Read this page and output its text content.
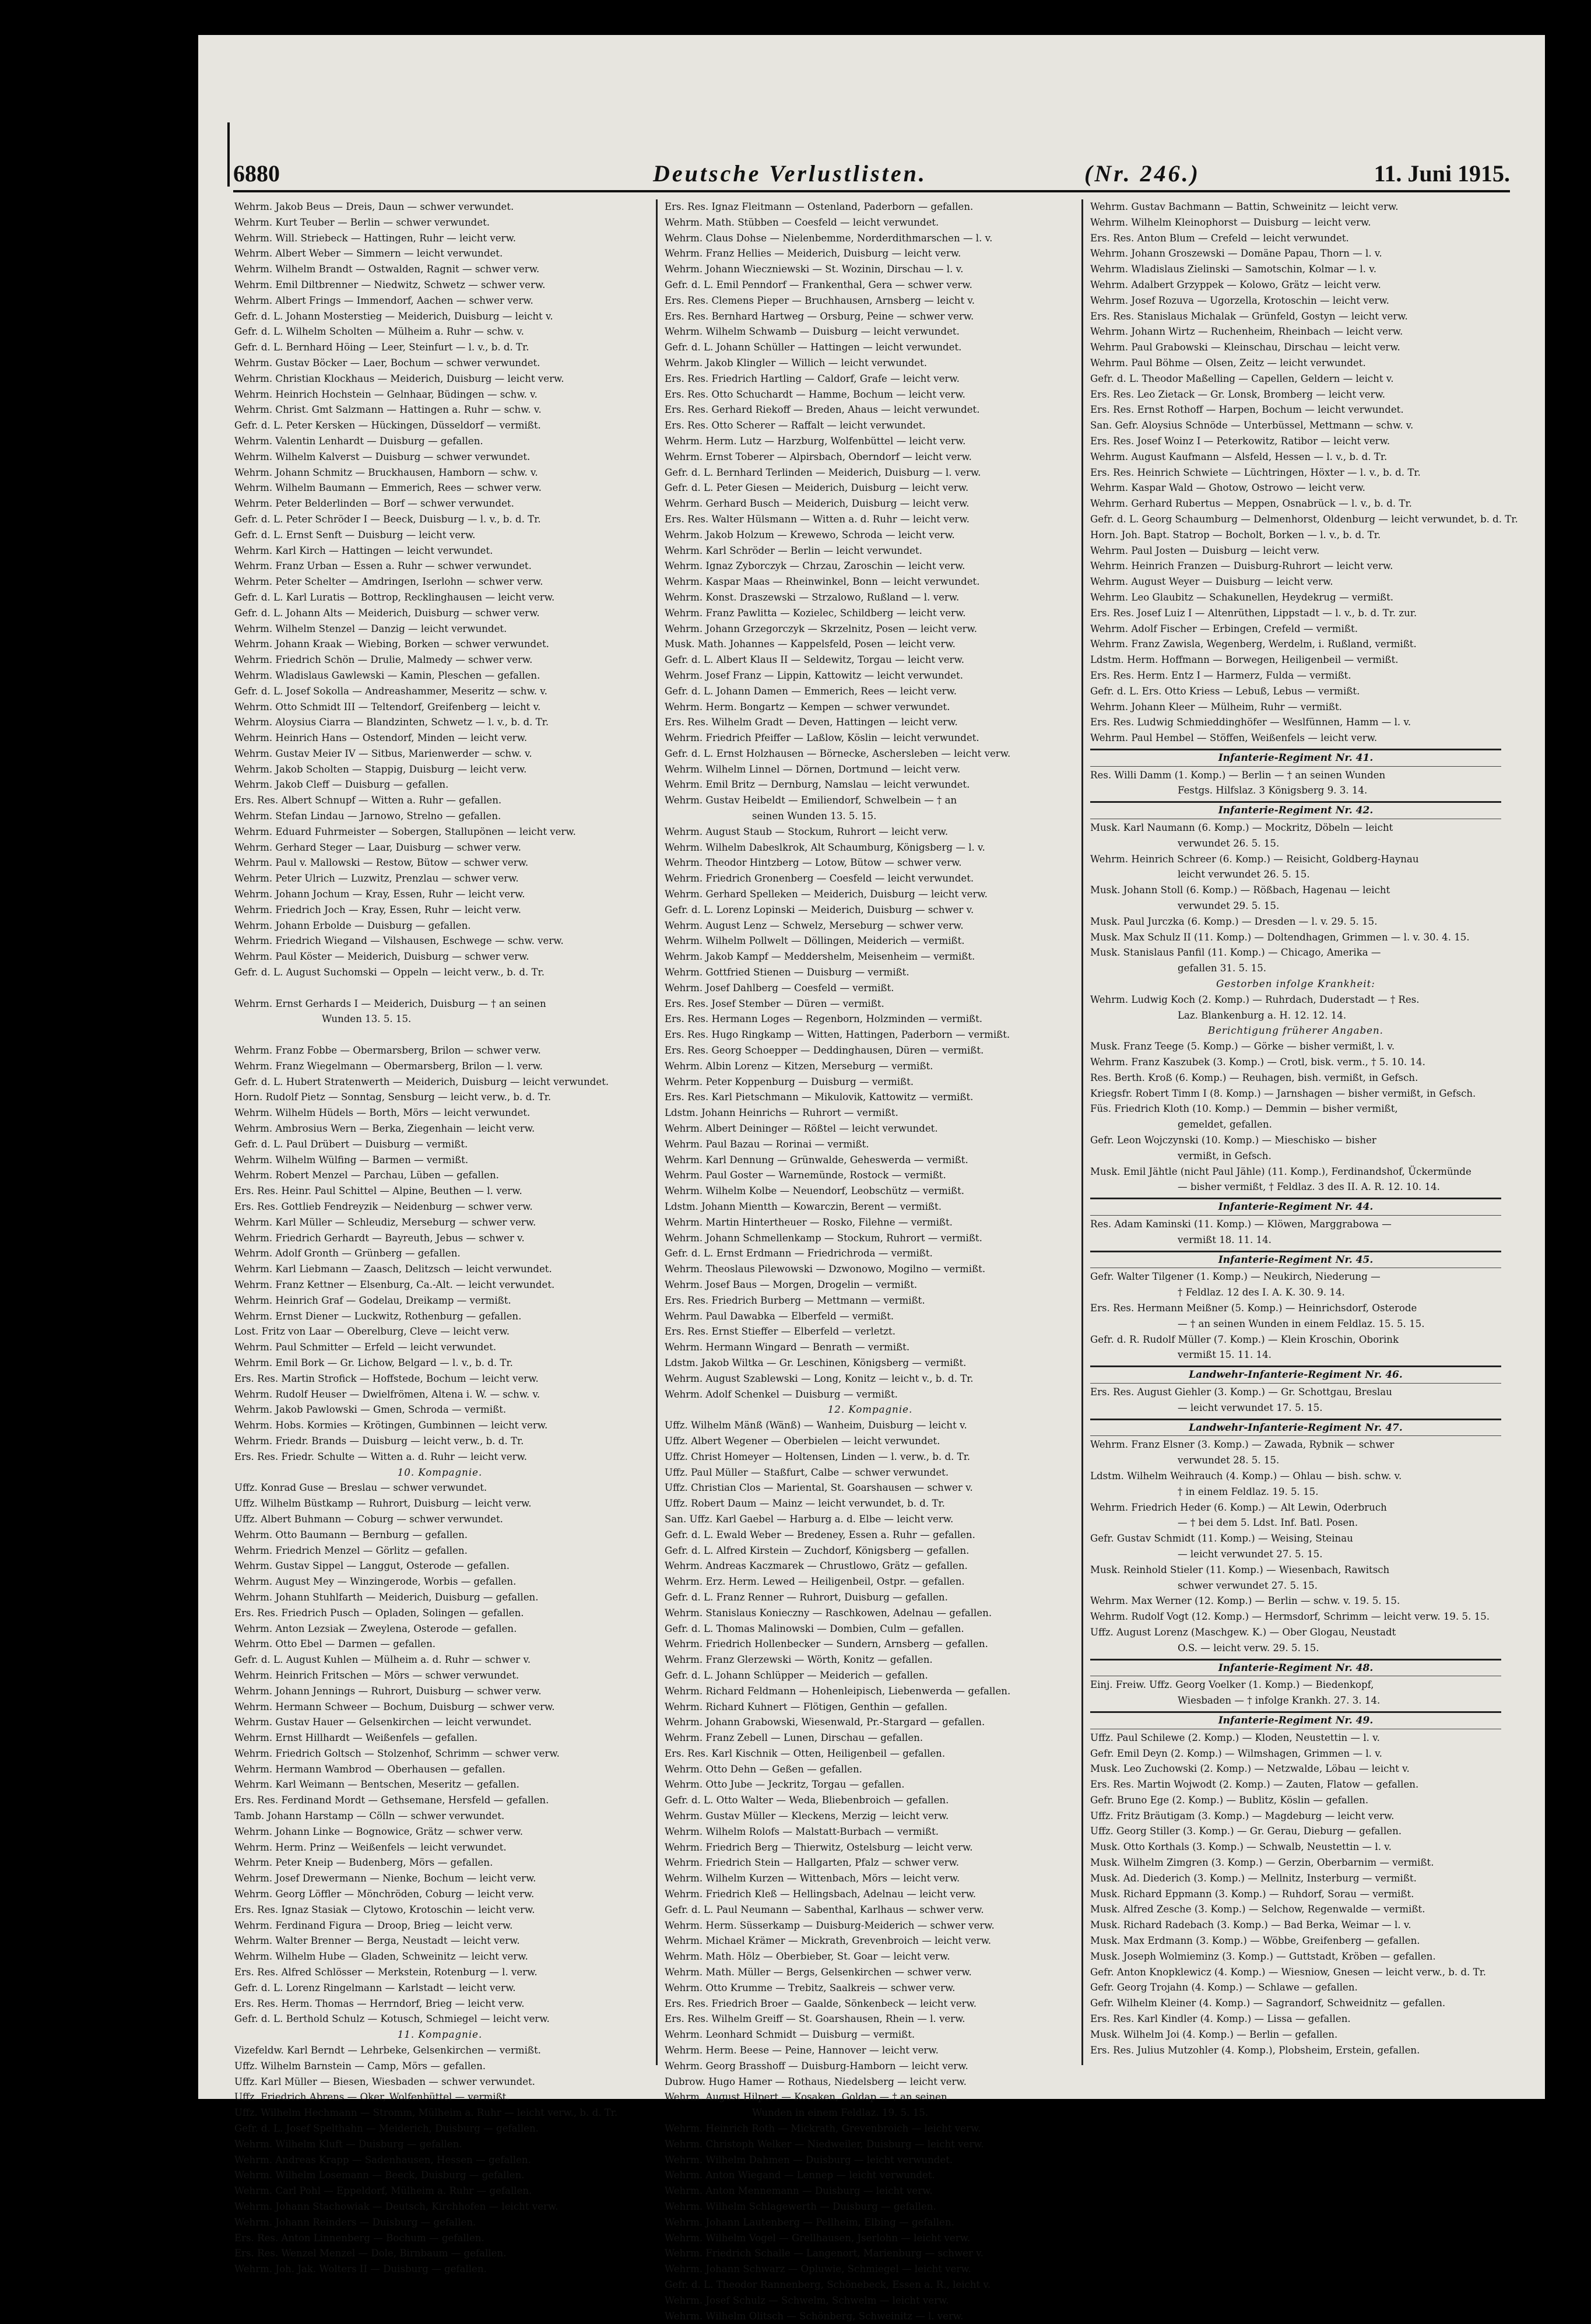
6880	Deutsche Verlustlisten.	(Nr. 246.)	11. Juni 1915.
Wehrm. Jakob Beus — Dreis, Daun — schwer verwundet.
Wehrm. Kurt Teuber — Berlin — schwer verwundet.
Wehrm. Will. Striebeck — Hattingen, Ruhr — leicht verw.
Wehrm. Albert Weber — Simmern — leicht verwundet.
Wehrm. Wilhelm Brandt — Ostwalden, Ragnit — schwer verw.
Wehrm. Emil Diltbrenner — Niedwitz, Schwetz — schwer verw.
Wehrm. Albert Frings — Immendorf, Aachen — schwer verw.
Gefr. d. L. Johann Mosterstieg — Meiderich, Duisburg — leicht v.
Gefr. d. L. Wilhelm Scholten — Mülheim a. Ruhr — schw. v.
Gefr. d. L. Bernhard Höing — Leer, Steinfurt — l. v., b. d. Tr.
Wehrm. Gustav Böcker — Laer, Bochum — schwer verwundet.
Wehrm. Christian Klockhaus — Meiderich, Duisburg — leicht verw.
Wehrm. Heinrich Hochstein — Gelnhaar, Büdingen — schw. v.
Wehrm. Christ. Gmt Salzmann — Hattingen a. Ruhr — schw. v.
Gefr. d. L. Peter Kersken — Hückingen, Düsseldorf — vermißt.
Wehrm. Valentin Lenhardt — Duisburg — gefallen.
Wehrm. Wilhelm Kalverst — Duisburg — schwer verwundet.
Wehrm. Johann Schmitz — Bruckhausen, Hamborn — schw. v.
Wehrm. Wilhelm Baumann — Emmerich, Rees — schwer verw.
Wehrm. Peter Belderlinden — Borf — schwer verwundet.
Gefr. d. L. Peter Schröder I — Beeck, Duisburg — l. v., b. d. Tr.
Gefr. d. L. Ernst Senft — Duisburg — leicht verw.
Wehrm. Karl Kirch — Hattingen — leicht verwundet.
Wehrm. Franz Urban — Essen a. Ruhr — schwer verwundet.
Wehrm. Peter Schelter — Amdringen, Iserlohn — schwer verw.
Gefr. d. L. Karl Luratis — Bottrop, Recklinghausen — leicht verw.
Gefr. d. L. Johann Alts — Meiderich, Duisburg — schwer verw.
Wehrm. Wilhelm Stenzel — Danzig — leicht verwundet.
Wehrm. Johann Kraak — Wiebing, Borken — schwer verwundet.
Wehrm. Friedrich Schön — Drulie, Malmedy — schwer verw.
Wehrm. Wladislaus Gawlewski — Kamin, Pleschen — gefallen.
Gefr. d. L. Josef Sokolla — Andreashammer, Meseritz — schw. v.
Wehrm. Otto Schmidt III — Teltendorf, Greifenberg — leicht v.
Wehrm. Aloysius Ciarra — Blandzinten, Schwetz — l. v., b. d. Tr.
Wehrm. Heinrich Hans — Ostendorf, Minden — leicht verw.
Wehrm. Gustav Meier IV — Sitbus, Marienwerder — schw. v.
Wehrm. Jakob Scholten — Stappig, Duisburg — leicht verw.
Wehrm. Jakob Cleff — Duisburg — gefallen.
Ers. Res. Albert Schnupf — Witten a. Ruhr — gefallen.
Wehrm. Stefan Lindau — Jarnowo, Strelno — gefallen.
Wehrm. Eduard Fuhrmeister — Sobergen, Stallupönen — leicht verw.
Wehrm. Gerhard Steger — Laar, Duisburg — schwer verw.
Wehrm. Paul v. Mallowski — Restow, Bütow — schwer verw.
Wehrm. Peter Ulrich — Luzwitz, Prenzlau — schwer verw.
Wehrm. Johann Jochum — Kray, Essen, Ruhr — leicht verw.
Wehrm. Friedrich Joch — Kray, Essen, Ruhr — leicht verw.
Wehrm. Johann Erbolde — Duisburg — gefallen.
Wehrm. Friedrich Wiegand — Vilshausen, Eschwege — schw. verw.
Wehrm. Paul Köster — Meiderich, Duisburg — schwer verw.
Gefr. d. L. August Suchomski — Oppeln — leicht verw., b. d. Tr.

Wehrm. Ernst Gerhards I — Meiderich, Duisburg — † an seinen
Wunden 13. 5. 15.

Wehrm. Franz Fobbe — Obermarsberg, Brilon — schwer verw.
Wehrm. Franz Wiegelmann — Obermarsberg, Brilon — l. verw.
Gefr. d. L. Hubert Stratenwerth — Meiderich, Duisburg — leicht verwundet.
Horn. Rudolf Pietz — Sonntag, Sensburg — leicht verw., b. d. Tr.
Wehrm. Wilhelm Hüdels — Borth, Mörs — leicht verwundet.
Wehrm. Ambrosius Wern — Berka, Ziegenhain — leicht verw.
Gefr. d. L. Paul Drübert — Duisburg — vermißt.
Wehrm. Wilhelm Wülfing — Barmen — vermißt.
Wehrm. Robert Menzel — Parchau, Lüben — gefallen.
Ers. Res. Heinr. Paul Schittel — Alpine, Beuthen — l. verw.
Ers. Res. Gottlieb Fendreyzik — Neidenburg — schwer verw.
Wehrm. Karl Müller — Schleudiz, Merseburg — schwer verw.
Wehrm. Friedrich Gerhardt — Bayreuth, Jebus — schwer v.
Wehrm. Adolf Gronth — Grünberg — gefallen.
Wehrm. Karl Liebmann — Zaasch, Delitzsch — leicht verwundet.
Wehrm. Franz Kettner — Elsenburg, Ca.-Alt. — leicht verwundet.
Wehrm. Heinrich Graf — Godelau, Dreikamp — vermißt.
Wehrm. Ernst Diener — Luckwitz, Rothenburg — gefallen.
Lost. Fritz von Laar — Oberelburg, Cleve — leicht verw.
Wehrm. Paul Schmitter — Erfeld — leicht verwundet.
Wehrm. Emil Bork — Gr. Lichow, Belgard — l. v., b. d. Tr.
Ers. Res. Martin Strofick — Hoffstede, Bochum — leicht verw.
Wehrm. Rudolf Heuser — Dwielfrömen, Altena i. W. — schw. v.
Wehrm. Jakob Pawlowski — Gmen, Schroda — vermißt.
Wehrm. Hobs. Kormies — Krötingen, Gumbinnen — leicht verw.
Wehrm. Friedr. Brands — Duisburg — leicht verw., b. d. Tr.
Ers. Res. Friedr. Schulte — Witten a. d. Ruhr — leicht verw.
10. Kompagnie.
Uffz. Konrad Guse — Breslau — schwer verwundet.
Uffz. Wilhelm Büstkamp — Ruhrort, Duisburg — leicht verw.
Uffz. Albert Buhmann — Coburg — schwer verwundet.
Wehrm. Otto Baumann — Bernburg — gefallen.
Wehrm. Friedrich Menzel — Görlitz — gefallen.
Wehrm. Gustav Sippel — Langgut, Osterode — gefallen.
Wehrm. August Mey — Winzingerode, Worbis — gefallen.
Wehrm. Johann Stuhlfarth — Meiderich, Duisburg — gefallen.
Ers. Res. Friedrich Pusch — Opladen, Solingen — gefallen.
Wehrm. Anton Lezsiak — Zweylena, Osterode — gefallen.
Wehrm. Otto Ebel — Darmen — gefallen.
Gefr. d. L. August Kuhlen — Mülheim a. d. Ruhr — schwer v.
Wehrm. Heinrich Fritschen — Mörs — schwer verwundet.
Wehrm. Johann Jennings — Ruhrort, Duisburg — schwer verw.
Wehrm. Hermann Schweer — Bochum, Duisburg — schwer verw.
Wehrm. Gustav Hauer — Gelsenkirchen — leicht verwundet.
Wehrm. Ernst Hillhardt — Weißenfels — gefallen.
Wehrm. Friedrich Goltsch — Stolzenhof, Schrimm — schwer verw.
Wehrm. Hermann Wambrod — Oberhausen — gefallen.
Wehrm. Karl Weimann — Bentschen, Meseritz — gefallen.
Ers. Res. Ferdinand Mordt — Gethsemane, Hersfeld — gefallen.
Tamb. Johann Harstamp — Cölln — schwer verwundet.
Wehrm. Johann Linke — Bognowice, Grätz — schwer verw.
Wehrm. Herm. Prinz — Weißenfels — leicht verwundet.
Wehrm. Peter Kneip — Budenberg, Mörs — gefallen.
Wehrm. Josef Drewermann — Nienke, Bochum — leicht verw.
Wehrm. Georg Löffler — Mönchröden, Coburg — leicht verw.
Ers. Res. Ignaz Stasiak — Clytowo, Krotoschin — leicht verw.
Wehrm. Ferdinand Figura — Droop, Brieg — leicht verw.
Wehrm. Walter Brenner — Berga, Neustadt — leicht verw.
Wehrm. Wilhelm Hube — Gladen, Schweinitz — leicht verw.
Ers. Res. Alfred Schlösser — Merkstein, Rotenburg — l. verw.
Gefr. d. L. Lorenz Ringelmann — Karlstadt — leicht verw.
Ers. Res. Herm. Thomas — Herrndorf, Brieg — leicht verw.
Gefr. d. L. Berthold Schulz — Kotusch, Schmiegel — leicht verw.
11. Kompagnie.
Vizefeldw. Karl Berndt — Lehrbeke, Gelsenkirchen — vermißt.
Uffz. Wilhelm Barnstein — Camp, Mörs — gefallen.
Uffz. Karl Müller — Biesen, Wiesbaden — schwer verwundet.
Uffz. Friedrich Abrens — Oker, Wolfenbüttel — vermißt.
Uffz. Wilhelm Hechmann — Stromm, Mülheim a. Ruhr — leicht verw., b. d. Tr.
Gefr. d. L. Josef Spelthahn — Meiderich, Duisburg — gefallen.
Wehrm. Wilhelm Kluft — Duisburg — gefallen.
Wehrm. Andreas Krapp — Sadenhausen, Hessen — gefallen.
Wehrm. Wilhelm Losemann — Beeck, Duisburg — gefallen.
Wehrm. Carl Pohl — Eppeldorf, Mülheim a. Ruhr — gefallen.
Wehrm. Johann Stachowiak — Deutsch, Kirchhofen — leicht verw.
Wehrm. Johann Reinders — Duisburg — gefallen.
Ers. Res. Anton Linnenberg — Bochum — gefallen.
Ers. Res. Wenzel Menzel — Dole, Birnbaum — gefallen.
Wehrm. Joh. Jak. Wolters II — Duisburg — gefallen.
Ers. Res. Ignaz Fleitmann — Ostenland, Paderborn — gefallen.
Wehrm. Math. Stübben — Coesfeld — leicht verwundet.
Wehrm. Claus Dohse — Nielenbemme, Norderdithmarschen — l. v.
Wehrm. Franz Hellies — Meiderich, Duisburg — leicht verw.
Wehrm. Johann Wieczniewski — St. Wozinin, Dirschau — l. v.
Gefr. d. L. Emil Penndorf — Frankenthal, Gera — schwer verw.
Ers. Res. Clemens Pieper — Bruchhausen, Arnsberg — leicht v.
Ers. Res. Bernhard Hartweg — Orsburg, Peine — schwer verw.
Wehrm. Wilhelm Schwamb — Duisburg — leicht verwundet.
Gefr. d. L. Johann Schüller — Hattingen — leicht verwundet.
Wehrm. Jakob Klingler — Willich — leicht verwundet.
Ers. Res. Friedrich Hartling — Caldorf, Grafe — leicht verw.
Ers. Res. Otto Schuchardt — Hamme, Bochum — leicht verw.
Ers. Res. Gerhard Riekoff — Breden, Ahaus — leicht verwundet.
Ers. Res. Otto Scherer — Raffalt — leicht verwundet.
Wehrm. Herm. Lutz — Harzburg, Wolfenbüttel — leicht verw.
Wehrm. Ernst Toberer — Alpirsbach, Oberndorf — leicht verw.
Gefr. d. L. Bernhard Terlinden — Meiderich, Duisburg — l. verw.
Gefr. d. L. Peter Giesen — Meiderich, Duisburg — leicht verw.
Wehrm. Gerhard Busch — Meiderich, Duisburg — leicht verw.
Ers. Res. Walter Hülsmann — Witten a. d. Ruhr — leicht verw.
Wehrm. Jakob Holzum — Krewewo, Schroda — leicht verw.
Wehrm. Karl Schröder — Berlin — leicht verwundet.
Wehrm. Ignaz Zyborczyk — Chrzau, Zaroschin — leicht verw.
Wehrm. Kaspar Maas — Rheinwinkel, Bonn — leicht verwundet.
Wehrm. Konst. Draszewski — Strzalowo, Rußland — l. verw.
Wehrm. Franz Pawlitta — Kozielec, Schildberg — leicht verw.
Wehrm. Johann Grzegorczyk — Skrzelnitz, Posen — leicht verw.
Musk. Math. Johannes — Kappelsfeld, Posen — leicht verw.
Gefr. d. L. Albert Klaus II — Seldewitz, Torgau — leicht verw.
Wehrm. Josef Franz — Lippin, Kattowitz — leicht verwundet.
Gefr. d. L. Johann Damen — Emmerich, Rees — leicht verw.
Wehrm. Herm. Bongartz — Kempen — schwer verwundet.
Ers. Res. Wilhelm Gradt — Deven, Hattingen — leicht verw.
Wehrm. Friedrich Pfeiffer — Laßlow, Köslin — leicht verwundet.
Gefr. d. L. Ernst Holzhausen — Börnecke, Aschersleben — leicht verw.
Wehrm. Wilhelm Linnel — Dörnen, Dortmund — leicht verw.
Wehrm. Emil Britz — Dernburg, Namslau — leicht verwundet.
Wehrm. Gustav Heibeldt — Emiliendorf, Schwelbein — † an
seinen Wunden 13. 5. 15.
Wehrm. August Staub — Stockum, Ruhrort — leicht verw.
Wehrm. Wilhelm Dabeslkrok, Alt Schaumburg, Königsberg — l. v.
Wehrm. Theodor Hintzberg — Lotow, Bütow — schwer verw.
Wehrm. Friedrich Gronenberg — Coesfeld — leicht verwundet.
Wehrm. Gerhard Spelleken — Meiderich, Duisburg — leicht verw.
Gefr. d. L. Lorenz Lopinski — Meiderich, Duisburg — schwer v.
Wehrm. August Lenz — Schwelz, Merseburg — schwer verw.
Wehrm. Wilhelm Pollwelt — Döllingen, Meiderich — vermißt.
Wehrm. Jakob Kampf — Meddershelm, Meisenheim — vermißt.
Wehrm. Gottfried Stienen — Duisburg — vermißt.
Wehrm. Josef Dahlberg — Coesfeld — vermißt.
Ers. Res. Josef Stember — Düren — vermißt.
Ers. Res. Hermann Loges — Regenborn, Holzminden — vermißt.
Ers. Res. Hugo Ringkamp — Witten, Hattingen, Paderborn — vermißt.
Ers. Res. Georg Schoepper — Deddinghausen, Düren — vermißt.
Wehrm. Albin Lorenz — Kitzen, Merseburg — vermißt.
Wehrm. Peter Koppenburg — Duisburg — vermißt.
Ers. Res. Karl Pietschmann — Mikulovik, Kattowitz — vermißt.
Ldstm. Johann Heinrichs — Ruhrort — vermißt.
Wehrm. Albert Deininger — Rößtel — leicht verwundet.
Wehrm. Paul Bazau — Rorinai — vermißt.
Wehrm. Karl Dennung — Grünwalde, Geheswerda — vermißt.
Wehrm. Paul Goster — Warnemünde, Rostock — vermißt.
Wehrm. Wilhelm Kolbe — Neuendorf, Leobschütz — vermißt.
Ldstm. Johann Mientth — Kowarczin, Berent — vermißt.
Wehrm. Martin Hintertheuer — Rosko, Filehne — vermißt.
Wehrm. Johann Schmellenkamp — Stockum, Ruhrort — vermißt.
Gefr. d. L. Ernst Erdmann — Friedrichroda — vermißt.
Wehrm. Theoslaus Pilewowski — Dzwonowo, Mogilno — vermißt.
Wehrm. Josef Baus — Morgen, Drogelin — vermißt.
Ers. Res. Friedrich Burberg — Mettmann — vermißt.
Wehrm. Paul Dawabka — Elberfeld — vermißt.
Ers. Res. Ernst Stieffer — Elberfeld — verletzt.
Wehrm. Hermann Wingard — Benrath — vermißt.
Ldstm. Jakob Wiltka — Gr. Leschinen, Königsberg — vermißt.
Wehrm. August Szablewski — Long, Konitz — leicht v., b. d. Tr.
Wehrm. Adolf Schenkel — Duisburg — vermißt.
12. Kompagnie.
Uffz. Wilhelm Mänß (Wänß) — Wanheim, Duisburg — leicht v.
Uffz. Albert Wegener — Oberbielen — leicht verwundet.
Uffz. Christ Homeyer — Holtensen, Linden — l. verw., b. d. Tr.
Uffz. Paul Müller — Staßfurt, Calbe — schwer verwundet.
Uffz. Christian Clos — Mariental, St. Goarshausen — schwer v.
Uffz. Robert Daum — Mainz — leicht verwundet, b. d. Tr.
San. Uffz. Karl Gaebel — Harburg a. d. Elbe — leicht verw.
Gefr. d. L. Ewald Weber — Bredeney, Essen a. Ruhr — gefallen.
Gefr. d. L. Alfred Kirstein — Zuchdorf, Königsberg — gefallen.
Wehrm. Andreas Kaczmarek — Chrustlowo, Grätz — gefallen.
Wehrm. Erz. Herm. Lewed — Heiligenbeil, Ostpr. — gefallen.
Gefr. d. L. Franz Renner — Ruhrort, Duisburg — gefallen.
Wehrm. Stanislaus Konieczny — Raschkowen, Adelnau — gefallen.
Gefr. d. L. Thomas Malinowski — Dombien, Culm — gefallen.
Wehrm. Friedrich Hollenbecker — Sundern, Arnsberg — gefallen.
Wehrm. Franz Glerzewski — Wörth, Konitz — gefallen.
Gefr. d. L. Johann Schlüpper — Meiderich — gefallen.
Wehrm. Richard Feldmann — Hohenleipisch, Liebenwerda — gefallen.
Wehrm. Richard Kuhnert — Flötigen, Genthin — gefallen.
Wehrm. Johann Grabowski, Wiesenwald, Pr.-Stargard — gefallen.
Wehrm. Franz Zebell — Lunen, Dirschau — gefallen.
Ers. Res. Karl Kischnik — Otten, Heiligenbeil — gefallen.
Wehrm. Otto Dehn — Geßen — gefallen.
Wehrm. Otto Jube — Jeckritz, Torgau — gefallen.
Gefr. d. L. Otto Walter — Weda, Bliebenbroich — gefallen.
Wehrm. Gustav Müller — Kleckens, Merzig — leicht verw.
Wehrm. Wilhelm Rolofs — Malstatt-Burbach — vermißt.
Wehrm. Friedrich Berg — Thierwitz, Ostelsburg — leicht verw.
Wehrm. Friedrich Stein — Hallgarten, Pfalz — schwer verw.
Wehrm. Wilhelm Kurzen — Wittenbach, Mörs — leicht verw.
Wehrm. Friedrich Kleß — Hellingsbach, Adelnau — leicht verw.
Gefr. d. L. Paul Neumann — Sabenthal, Karlhaus — schwer verw.
Wehrm. Herm. Süsserkamp — Duisburg-Meiderich — schwer verw.
Wehrm. Michael Krämer — Mickrath, Grevenbroich — leicht verw.
Wehrm. Math. Hölz — Oberbieber, St. Goar — leicht verw.
Wehrm. Math. Müller — Bergs, Gelsenkirchen — schwer verw.
Wehrm. Otto Krumme — Trebitz, Saalkreis — schwer verw.
Ers. Res. Friedrich Broer — Gaalde, Sönkenbeck — leicht verw.
Ers. Res. Wilhelm Greiff — St. Goarshausen, Rhein — l. verw.
Wehrm. Leonhard Schmidt — Duisburg — vermißt.
Wehrm. Herm. Beese — Peine, Hannover — leicht verw.
Wehrm. Georg Brasshoff — Duisburg-Hamborn — leicht verw.
Dubrow. Hugo Hamer — Rothaus, Niedelsberg — leicht verw.
Wehrm. August Hilpert — Kosaken, Goldap — † an seinen
Wunden in einem Feldlaz. 19. 5. 15.
Wehrm. Heinrich Roth — Mickrath, Grevenbroich — leicht verw.
Wehrm. Christoph Welker — Niedweiler, Duisburg — leicht verw.
Wehrm. Wilhelm Dahmen — Duisburg — leicht verwundet.
Wehrm. Anton Wiegand — Lennep — leicht verwundet.
Wehrm. Anton Mennemann — Duisburg — leicht verw.
Wehrm. Wilhelm Schlagewerth — Duisburg — gefallen.
Wehrm. Johann Lautenberg — Pellheim, Elbing — gefallen.
Wehrm. Wilhelm Vogel — Grellhausen, Jserlohn — leicht verw.
Wehrm. Friedrich Schalle — Langenort, Marienburg — schwer v.
Wehrm. Johann Schwarz — Opluwie, Schmiegel — leicht verw.
Gefr. d. L. Theodor Rannenberg, Schönebeck, Essen a. R., leicht v.
Wehrm. Josef Schulz — Schwelm, Schwelm — leicht verw.
Wehrm. Wilhelm Olitsch — Schönberg, Schweinitz — l. verw.
Wehrm. Gustav Bachmann — Battin, Schweinitz — leicht verw.
Wehrm. Wilhelm Kleinophorst — Duisburg — leicht verw.
Ers. Res. Anton Blum — Crefeld — leicht verwundet.
Wehrm. Johann Groszewski — Domäne Papau, Thorn — l. v.
Wehrm. Wladislaus Zielinski — Samotschin, Kolmar — l. v.
Wehrm. Adalbert Grzyppek — Kolowo, Grätz — leicht verw.
Wehrm. Josef Rozuva — Ugorzella, Krotoschin — leicht verw.
Ers. Res. Stanislaus Michalak — Grünfeld, Gostyn — leicht verw.
Wehrm. Johann Wirtz — Ruchenheim, Rheinbach — leicht verw.
Wehrm. Paul Grabowski — Kleinschau, Dirschau — leicht verw.
Wehrm. Paul Böhme — Olsen, Zeitz — leicht verwundet.
Gefr. d. L. Theodor Maßelling — Capellen, Geldern — leicht v.
Ers. Res. Leo Zietack — Gr. Lonsk, Bromberg — leicht verw.
Ers. Res. Ernst Rothoff — Harpen, Bochum — leicht verwundet.
San. Gefr. Aloysius Schnöde — Unterbüssel, Mettmann — schw. v.
Ers. Res. Josef Woinz I — Peterkowitz, Ratibor — leicht verw.
Wehrm. August Kaufmann — Alsfeld, Hessen — l. v., b. d. Tr.
Ers. Res. Heinrich Schwiete — Lüchtringen, Höxter — l. v., b. d. Tr.
Wehrm. Kaspar Wald — Ghotow, Ostrowo — leicht verw.
Wehrm. Gerhard Rubertus — Meppen, Osnabrück — l. v., b. d. Tr.
Gefr. d. L. Georg Schaumburg — Delmenhorst, Oldenburg — leicht verwundet, b. d. Tr.
Horn. Joh. Bapt. Statrop — Bocholt, Borken — l. v., b. d. Tr.
Wehrm. Paul Josten — Duisburg — leicht verw.
Wehrm. Heinrich Franzen — Duisburg-Ruhrort — leicht verw.
Wehrm. August Weyer — Duisburg — leicht verw.
Wehrm. Leo Glaubitz — Schakunellen, Heydekrug — vermißt.
Ers. Res. Josef Luiz I — Altenrüthen, Lippstadt — l. v., b. d. Tr. zur.
Wehrm. Adolf Fischer — Erbingen, Crefeld — vermißt.
Wehrm. Franz Zawisla, Wegenberg, Werdelm, i. Rußland, vermißt.
Ldstm. Herm. Hoffmann — Borwegen, Heiligenbeil — vermißt.
Ers. Res. Herm. Entz I — Harmerz, Fulda — vermißt.
Gefr. d. L. Ers. Otto Kriess — Lebuß, Lebus — vermißt.
Wehrm. Johann Kleer — Mülheim, Ruhr — vermißt.
Ers. Res. Ludwig Schmieddinghöfer — Weslfünnen, Hamm — l. v.
Wehrm. Paul Hembel — Stöffen, Weißenfels — leicht verw.
Infanterie-Regiment Nr. 41.
Res. Willi Damm (1. Komp.) — Berlin — † an seinen Wunden
Festgs. Hilfslaz. 3 Königsberg 9. 3. 14.
Infanterie-Regiment Nr. 42.
Musk. Karl Naumann (6. Komp.) — Mockritz, Döbeln — leicht
verwundet 26. 5. 15.
Wehrm. Heinrich Schreer (6. Komp.) — Reisicht, Goldberg-Haynau
leicht verwundet 26. 5. 15.
Musk. Johann Stoll (6. Komp.) — Rößbach, Hagenau — leicht
verwundet 29. 5. 15.
Musk. Paul Jurczka (6. Komp.) — Dresden — l. v. 29. 5. 15.
Musk. Max Schulz II (11. Komp.) — Doltendhagen, Grimmen — l. v. 30. 4. 15.
Musk. Stanislaus Panfil (11. Komp.) — Chicago, Amerika —
gefallen 31. 5. 15.
Gestorben infolge Krankheit:
Wehrm. Ludwig Koch (2. Komp.) — Ruhrdach, Duderstadt — † Res.
Laz. Blankenburg a. H. 12. 12. 14.
Berichtigung früherer Angaben.
Musk. Franz Teege (5. Komp.) — Görke — bisher vermißt, l. v.
Wehrm. Franz Kaszubek (3. Komp.) — Crotl, bisk. verm., † 5. 10. 14.
Res. Berth. Kroß (6. Komp.) — Reuhagen, bish. vermißt, in Gefsch.
Kriegsfr. Robert Timm I (8. Komp.) — Jarnshagen — bisher vermißt, in Gefsch.
Füs. Friedrich Kloth (10. Komp.) — Demmin — bisher vermißt,
gemeldet, gefallen.
Gefr. Leon Wojczynski (10. Komp.) — Mieschisko — bisher
vermißt, in Gefsch.
Musk. Emil Jähtle (nicht Paul Jähle) (11. Komp.), Ferdinandshof, Ückermünde
— bisher vermißt, † Feldlaz. 3 des II. A. R. 12. 10. 14.
Infanterie-Regiment Nr. 44.
Res. Adam Kaminski (11. Komp.) — Klöwen, Marggrabowa —
vermißt 18. 11. 14.
Infanterie-Regiment Nr. 45.
Gefr. Walter Tilgener (1. Komp.) — Neukirch, Niederung —
† Feldlaz. 12 des I. A. K. 30. 9. 14.
Ers. Res. Hermann Meißner (5. Komp.) — Heinrichsdorf, Osterode
— † an seinen Wunden in einem Feldlaz. 15. 5. 15.
Gefr. d. R. Rudolf Müller (7. Komp.) — Klein Kroschin, Oborink
vermißt 15. 11. 14.
Landwehr-Infanterie-Regiment Nr. 46.
Ers. Res. August Giehler (3. Komp.) — Gr. Schottgau, Breslau
— leicht verwundet 17. 5. 15.
Landwehr-Infanterie-Regiment Nr. 47.
Wehrm. Franz Elsner (3. Komp.) — Zawada, Rybnik — schwer
verwundet 28. 5. 15.
Ldstm. Wilhelm Weihrauch (4. Komp.) — Ohlau — bish. schw. v.
† in einem Feldlaz. 19. 5. 15.
Wehrm. Friedrich Heder (6. Komp.) — Alt Lewin, Oderbruch
— † bei dem 5. Ldst. Inf. Batl. Posen.
Gefr. Gustav Schmidt (11. Komp.) — Weising, Steinau
— leicht verwundet 27. 5. 15.
Musk. Reinhold Stieler (11. Komp.) — Wiesenbach, Rawitsch
schwer verwundet 27. 5. 15.
Wehrm. Max Werner (12. Komp.) — Berlin — schw. v. 19. 5. 15.
Wehrm. Rudolf Vogt (12. Komp.) — Hermsdorf, Schrimm — leicht verw. 19. 5. 15.
Uffz. August Lorenz (Maschgew. K.) — Ober Glogau, Neustadt
O.S. — leicht verw. 29. 5. 15.
Infanterie-Regiment Nr. 48.
Einj. Freiw. Uffz. Georg Voelker (1. Komp.) — Biedenkopf,
Wiesbaden — † infolge Krankh. 27. 3. 14.
Infanterie-Regiment Nr. 49.
Uffz. Paul Schilewe (2. Komp.) — Kloden, Neustettin — l. v.
Gefr. Emil Deyn (2. Komp.) — Wilmshagen, Grimmen — l. v.
Musk. Leo Zuchowski (2. Komp.) — Netzwalde, Löbau — leicht v.
Ers. Res. Martin Wojwodt (2. Komp.) — Zauten, Flatow — gefallen.
Gefr. Bruno Ege (2. Komp.) — Bublitz, Köslin — gefallen.
Uffz. Fritz Bräutigam (3. Komp.) — Magdeburg — leicht verw.
Uffz. Georg Stiller (3. Komp.) — Gr. Gerau, Dieburg — gefallen.
Musk. Otto Korthals (3. Komp.) — Schwalb, Neustettin — l. v.
Musk. Wilhelm Zimgren (3. Komp.) — Gerzin, Oberbarnim — vermißt.
Musk. Ad. Diederich (3. Komp.) — Mellnitz, Insterburg — vermißt.
Musk. Richard Eppmann (3. Komp.) — Ruhdorf, Sorau — vermißt.
Musk. Alfred Zesche (3. Komp.) — Selchow, Regenwalde — vermißt.
Musk. Richard Radebach (3. Komp.) — Bad Berka, Weimar — l. v.
Musk. Max Erdmann (3. Komp.) — Wöbbe, Greifenberg — gefallen.
Musk. Joseph Wolmieminz (3. Komp.) — Guttstadt, Kröben — gefallen.
Gefr. Anton Knopklewicz (4. Komp.) — Wiesniow, Gnesen — leicht verw., b. d. Tr.
Gefr. Georg Trojahn (4. Komp.) — Schlawe — gefallen.
Gefr. Wilhelm Kleiner (4. Komp.) — Sagrandorf, Schweidnitz — gefallen.
Ers. Res. Karl Kindler (4. Komp.) — Lissa — gefallen.
Musk. Wilhelm Joi (4. Komp.) — Berlin — gefallen.
Ers. Res. Julius Mutzohler (4. Komp.), Plobsheim, Erstein, gefallen.
